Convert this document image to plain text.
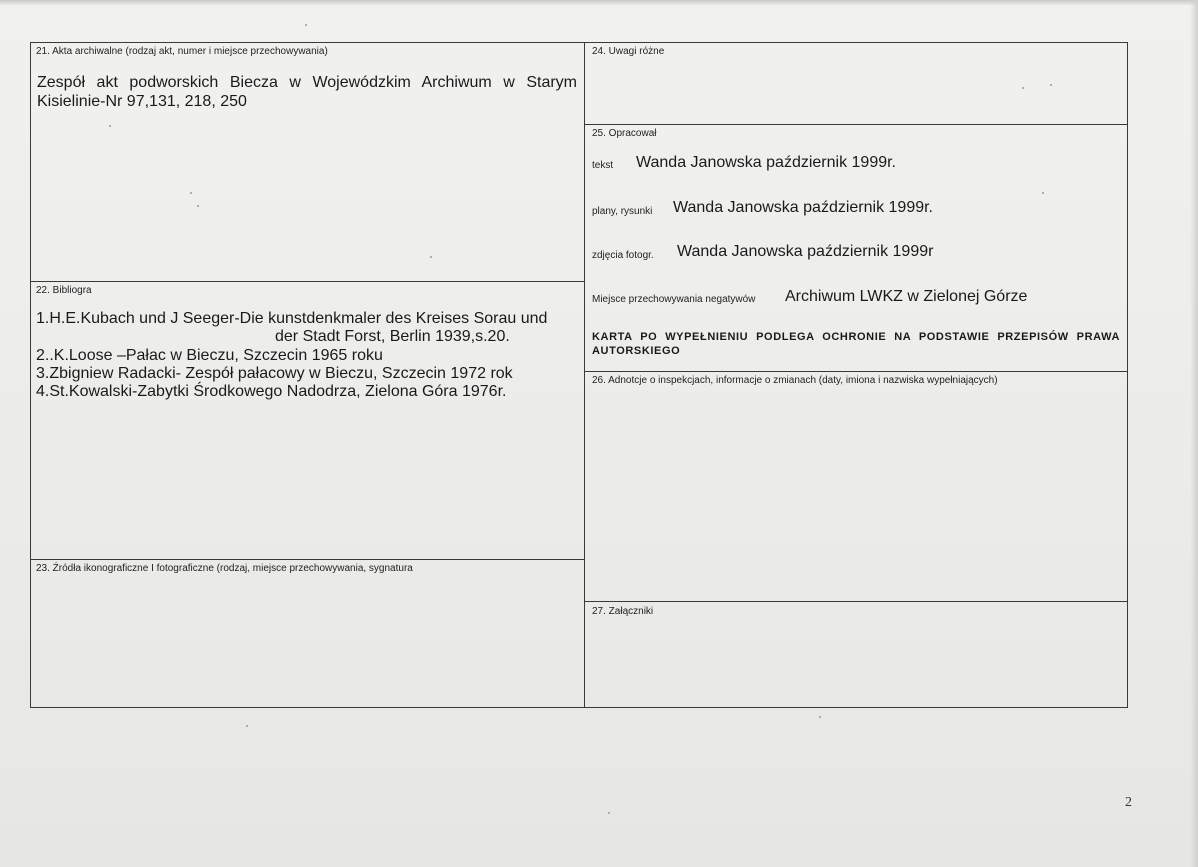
21. Akta archiwalne (rodzaj akt, numer i miejsce przechowywania)
Zespół akt podworskich Biecza w Wojewódzkim Archiwum w Starym
Kisielinie-Nr 97,131, 218, 250
22. Bibliogra
1.H.E.Kubach und J Seeger-Die kunstdenkmaler des Kreises Sorau und
der Stadt Forst, Berlin 1939,s.20.
2..K.Loose –Pałac w Bieczu, Szczecin 1965 roku
3.Zbigniew Radacki- Zespół pałacowy w Bieczu, Szczecin 1972 rok
4.St.Kowalski-Zabytki Środkowego Nadodrza, Zielona Góra 1976r.
23. Źródła ikonograficzne I fotograficzne (rodzaj, miejsce przechowywania, sygnatura
24. Uwagi różne
25. Opracował
tekst Wanda Janowska październik 1999r.
plany, rysunki Wanda Janowska październik 1999r.
zdjęcia fotogr. Wanda Janowska październik 1999r
Miejsce przechowywania negatywów Archiwum LWKZ w Zielonej Górze
KARTA PO WYPEŁNIENIU PODLEGA OCHRONIE NA PODSTAWIE PRZEPISÓW PRAWA AUTORSKIEGO
26. Adnotcje o inspekcjach, informacje o zmianach (daty, imiona i nazwiska wypełniających)
27. Załączniki
2
